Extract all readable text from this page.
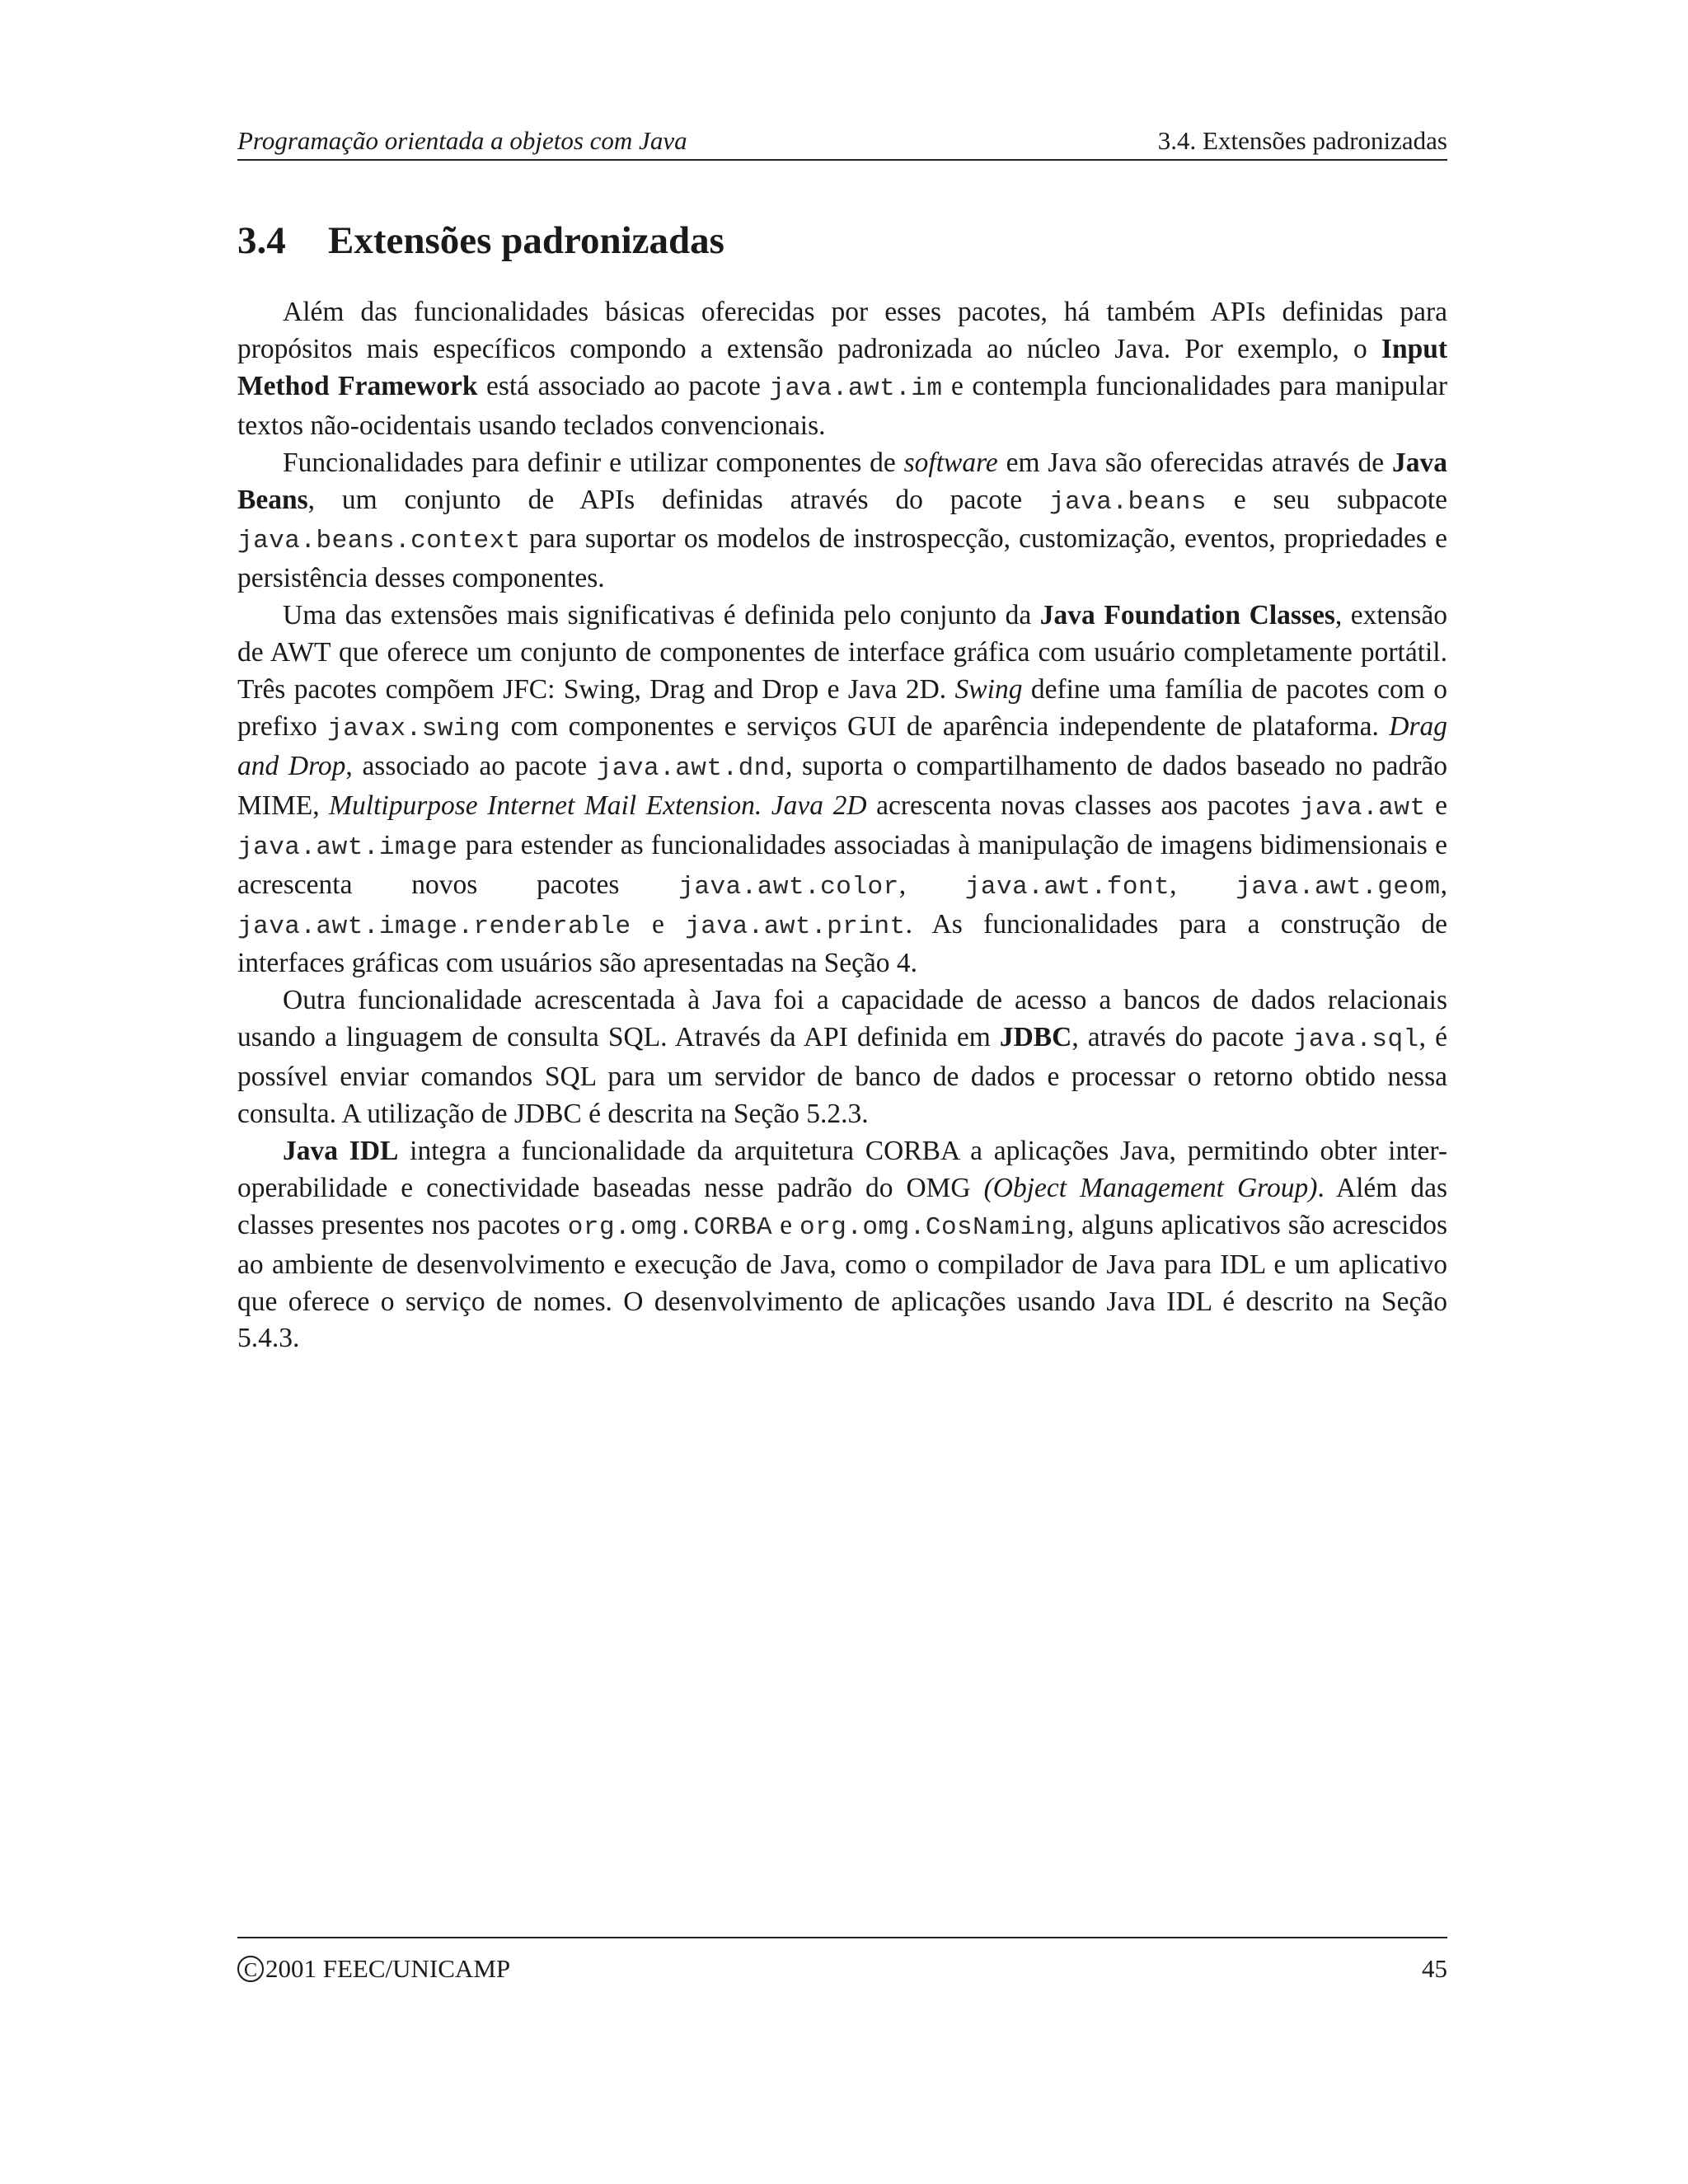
Programação orientada a objetos com Java	3.4. Extensões padronizadas
3.4 Extensões padronizadas

Além das funcionalidades básicas oferecidas por esses pacotes, há também APIs definidas para propósitos mais específicos compondo a extensão padronizada ao núcleo Java. Por exemplo, o Input Method Framework está associado ao pacote java.awt.im e contempla funcionalidades para manipular textos não-ocidentais usando teclados convencionais.

Funcionalidades para definir e utilizar componentes de software em Java são oferecidas através de Java Beans, um conjunto de APIs definidas através do pacote java.beans e seu subpacote java.beans.context para suportar os modelos de instrospecção, customização, eventos, propriedades e persistência desses componentes.

Uma das extensões mais significativas é definida pelo conjunto da Java Foundation Classes, extensão de AWT que oferece um conjunto de componentes de interface gráfica com usuário completamente portátil. Três pacotes compõem JFC: Swing, Drag and Drop e Java 2D. Swing define uma família de pacotes com o prefixo javax.swing com componentes e serviços GUI de aparência independente de plataforma. Drag and Drop, associado ao pacote java.awt.dnd, suporta o compartilhamento de dados baseado no padrão MIME, Multipurpose Internet Mail Extension. Java 2D acrescenta novas classes aos pacotes java.awt e java.awt.image para estender as funcionalidades associadas à manipulação de imagens bidimensionais e acrescenta novos pacotes java.awt.color, java.awt.font, java.awt.geom, java.awt.image.renderable e java.awt.print. As funcionalidades para a construção de interfaces gráficas com usuários são apresentadas na Seção 4.

Outra funcionalidade acrescentada à Java foi a capacidade de acesso a bancos de dados relacionais usando a linguagem de consulta SQL. Através da API definida em JDBC, através do pacote java.sql, é possível enviar comandos SQL para um servidor de banco de dados e processar o retorno obtido nessa consulta. A utilização de JDBC é descrita na Seção 5.2.3.

Java IDL integra a funcionalidade da arquitetura CORBA a aplicações Java, permitindo obter inter-operabilidade e conectividade baseadas nesse padrão do OMG (Object Management Group). Além das classes presentes nos pacotes org.omg.CORBA e org.omg.CosNaming, alguns aplicativos são acrescidos ao ambiente de desenvolvimento e execução de Java, como o compilador de Java para IDL e um aplicativo que oferece o serviço de nomes. O desenvolvimento de aplicações usando Java IDL é descrito na Seção 5.4.3.

C 2001 FEEC/UNICAMP	45
